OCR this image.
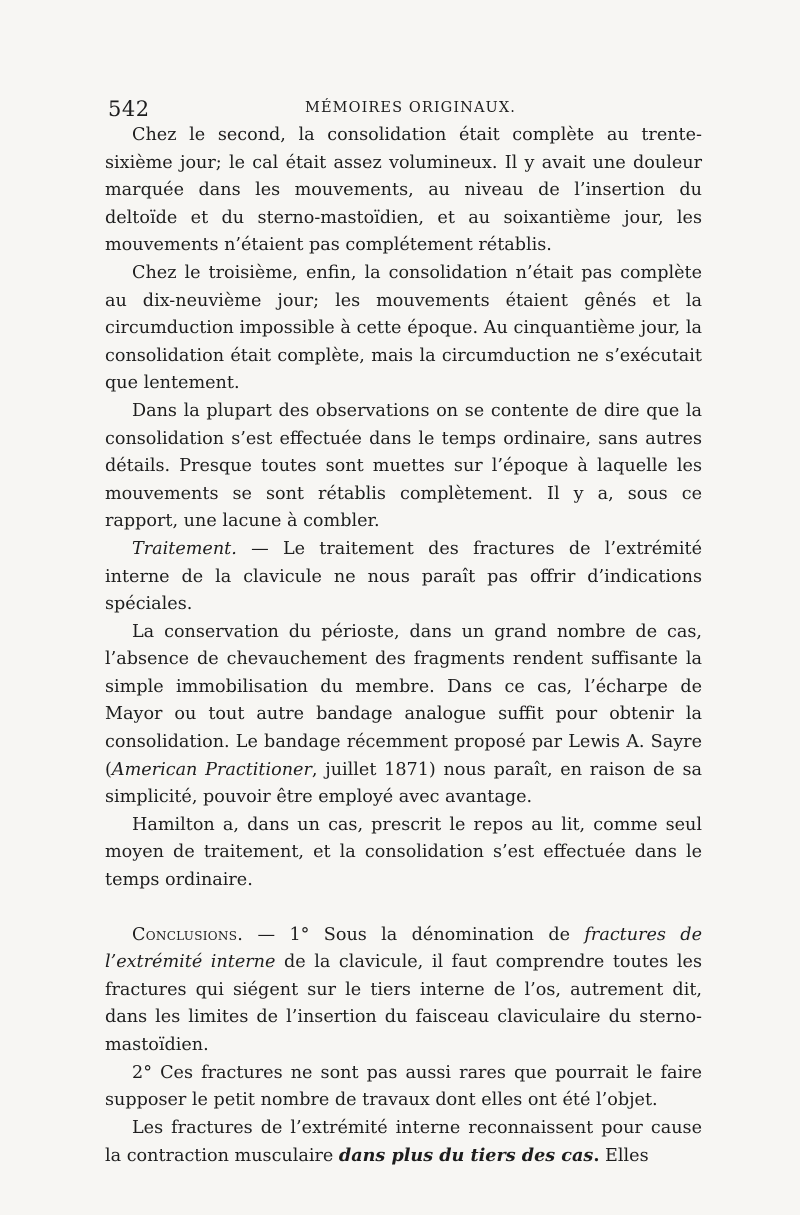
542	MÉMOIRES ORIGINAUX.

Chez le second, la consolidation était complète au trente-sixième jour; le cal était assez volumineux. Il y avait une douleur marquée dans les mouvements, au niveau de l’insertion du deltoïde et du sterno-mastoïdien, et au soixantième jour, les mouvements n’étaient pas complétement rétablis.

Chez le troisième, enfin, la consolidation n’était pas complète au dix-neuvième jour; les mouvements étaient gênés et la circumduction impossible à cette époque. Au cinquantième jour, la consolidation était complète, mais la circumduction ne s’exécutait que lentement.

Dans la plupart des observations on se contente de dire que la consolidation s’est effectuée dans le temps ordinaire, sans autres détails. Presque toutes sont muettes sur l’époque à laquelle les mouvements se sont rétablis complètement. Il y a, sous ce rapport, une lacune à combler.

Traitement. — Le traitement des fractures de l’extrémité interne de la clavicule ne nous paraît pas offrir d’indications spéciales.

La conservation du périoste, dans un grand nombre de cas, l’absence de chevauchement des fragments rendent suffisante la simple immobilisation du membre. Dans ce cas, l’écharpe de Mayor ou tout autre bandage analogue suffit pour obtenir la consolidation. Le bandage récemment proposé par Lewis A. Sayre (American Practitioner, juillet 1871) nous paraît, en raison de sa simplicité, pouvoir être employé avec avantage.

Hamilton a, dans un cas, prescrit le repos au lit, comme seul moyen de traitement, et la consolidation s’est effectuée dans le temps ordinaire.

Conclusions. — 1° Sous la dénomination de fractures de l’extrémité interne de la clavicule, il faut comprendre toutes les fractures qui siégent sur le tiers interne de l’os, autrement dit, dans les limites de l’insertion du faisceau claviculaire du sterno-mastoïdien.

2° Ces fractures ne sont pas aussi rares que pourrait le faire supposer le petit nombre de travaux dont elles ont été l’objet.

Les fractures de l’extrémité interne reconnaissent pour cause la contraction musculaire dans plus du tiers des cas. Elles
